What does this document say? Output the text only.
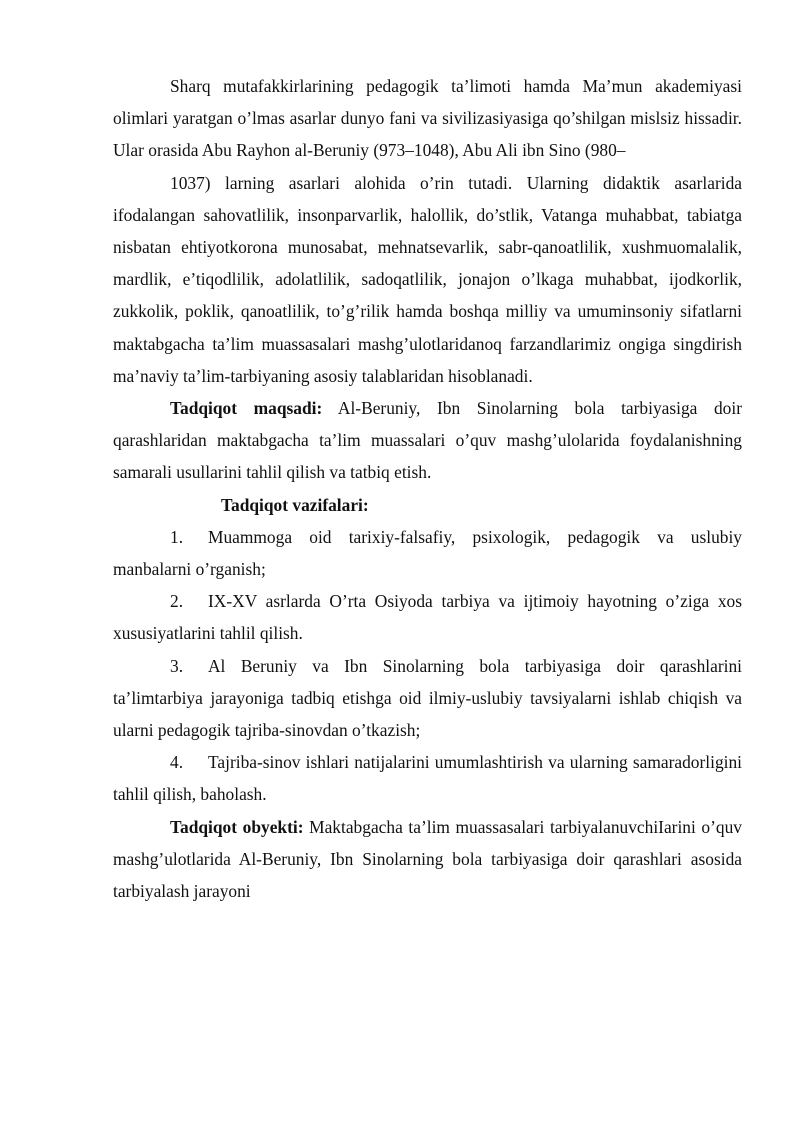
Sharq mutafakkirlarining pedagogik ta’limoti hamda Ma’mun akademiyasi olimlari yaratgan o’lmas asarlar dunyo fani va sivilizasiyasiga qo’shilgan mislsiz hissadir. Ular orasida Abu Rayhon al-Beruniy (973–1048), Abu Ali ibn Sino (980–

1037) larning asarlari alohida o’rin tutadi. Ularning didaktik asarlarida ifodalangan sahovatlilik, insonparvarlik, halollik, do’stlik, Vatanga muhabbat, tabiatga nisbatan ehtiyotkorona munosabat, mehnatsevarlik, sabr-qanoatlilik, xushmuomalalik, mardlik, e’tiqodlilik, adolatlilik, sadoqatlilik, jonajon o’lkaga muhabbat, ijodkorlik, zukkolik, poklik, qanoatlilik, to’g’rilik hamda boshqa milliy va umuminsoniy sifatlarni maktabgacha ta’lim muassasalari mashg’ulotlaridanoq farzandlarimiz ongiga singdirish ma’naviy ta’lim-tarbiyaning asosiy talablaridan hisoblanadi.

Tadqiqot maqsadi: Al-Beruniy, Ibn Sinolarning bola tarbiyasiga doir qarashlaridan maktabgacha ta’lim muassalari o’quv mashg’ulolarida foydalanishning samarali usullarini tahlil qilish va tatbiq etish.

Tadqiqot vazifalari:

1. Muammoga oid tarixiy-falsafiy, psixologik, pedagogik va uslubiy manbalarni o’rganish;

2. IX-XV asrlarda O’rta Osiyoda tarbiya va ijtimoiy hayotning o’ziga xos xususiyatlarini tahlil qilish.

3. Al Beruniy va Ibn Sinolarning bola tarbiyasiga doir qarashlarini ta’limtarbiya jarayoniga tadbiq etishga oid ilmiy-uslubiy tavsiyalarni ishlab chiqish va ularni pedagogik tajriba-sinovdan o’tkazish;

4. Tajriba-sinov ishlari natijalarini umumlashtirish va ularning samaradorligini tahlil qilish, baholash.

Tadqiqot obyekti: Maktabgacha ta’lim muassasalari tarbiyalanuvchiIarini o’quv mashg’ulotlarida Al-Beruniy, Ibn Sinolarning bola tarbiyasiga doir qarashlari asosida tarbiyalash jarayoni
